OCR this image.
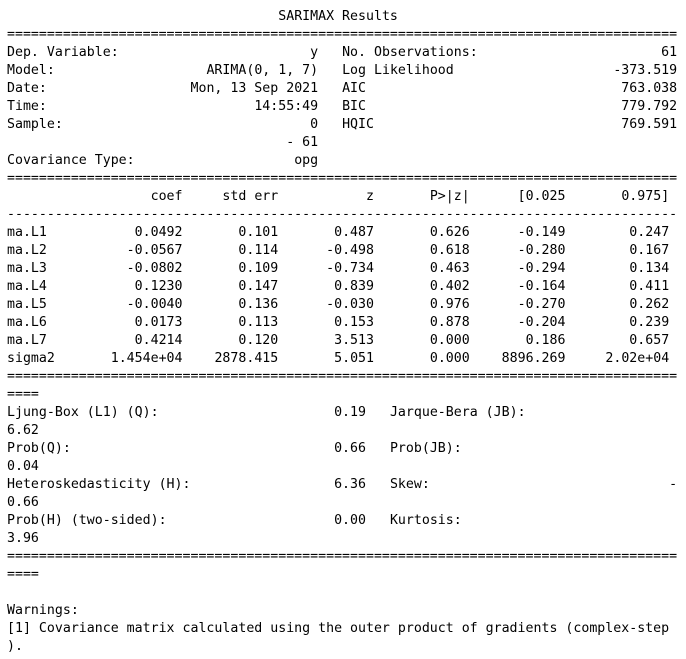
SARIMAX Results
====================================================================================
Dep. Variable:	y No. Observations:	61
Model:	ARIMA(0, 1, 7) Log Likelihood	-373.519
Date:	Mon, 13 Sep 2021 AIC	763.038
Time:	14:55:49 BIC	779.792
Sample:	0 HQIC	769.591
- 61
Covariance Type:	opg
====================================================================================
coef	std err	z	P>|z|	[0.025	0.975]
------------------------------------------------------------------------------------
ma.L1	0.0492	0.101	0.487	0.626	-0.149	0.247
ma.L2	-0.0567	0.114	-0.498	0.618	-0.280	0.167
ma.L3	-0.0802	0.109	-0.734	0.463	-0.294	0.134
ma.L4	0.1230	0.147	0.839	0.402	-0.164	0.411
ma.L5	-0.0040	0.136	-0.030	0.976	-0.270	0.262
ma.L6	0.0173	0.113	0.153	0.878	-0.204	0.239
ma.L7	0.4214	0.120	3.513	0.000	0.186	0.657
sigma2	1.454e+04 2878.415	5.051	0.000 8896.269	2.02e+04
====================================================================================
====
Ljung-Box (L1) (Q):	0.19 Jarque-Bera (JB):
6.62
Prob(Q):	0.66 Prob(JB):
0.04
Heteroskedasticity (H):	6.36 Skew:	-
0.66
Prob(H) (two-sided):	0.00 Kurtosis:
3.96
====================================================================================
====
Warnings:
[1] Covariance matrix calculated using the outer product of gradients (complex-step
).
